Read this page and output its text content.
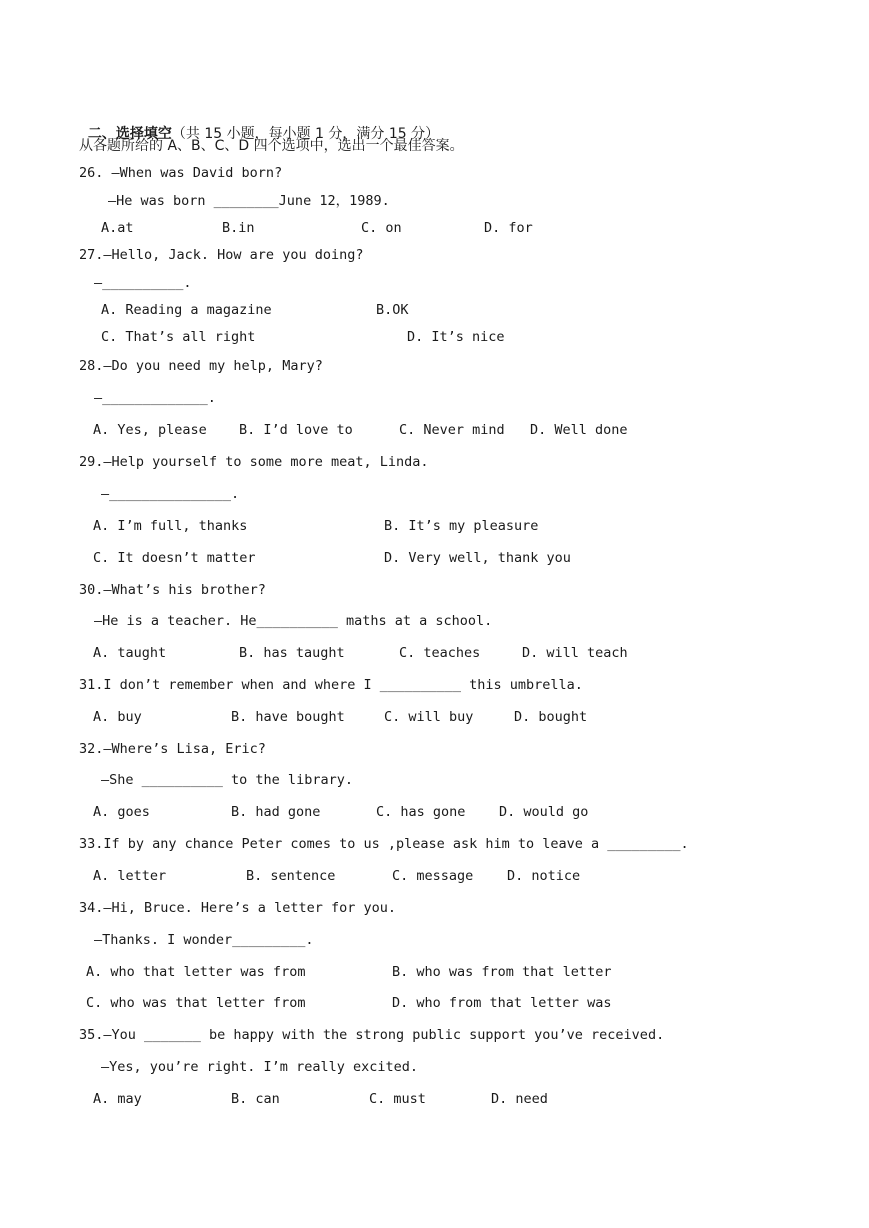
二、选择填空（共 15 小题，每小题 1 分，满分 15 分）

从各题所给的 A、B、C、D 四个选项中，选出一个最佳答案。
26. —When was David born?
—He was born ________June 12，1989.
A.at	B.in	C. on	D. for
27.—Hello, Jack. How are you doing?
—__________.
A. Reading a magazine	B.OK
C. That’s all right	D. It’s nice
28.—Do you need my help, Mary?
—_____________.
A. Yes, please B. I’d love to	C. Never mind D. Well done
29.—Help yourself to some more meat, Linda.
—_______________.
A. I’m full, thanks	B. It’s my pleasure
C. It doesn’t matter	D. Very well, thank you
30.—What’s his brother?
—He is a teacher. He__________ maths at a school.
A. taught	B. has taught	C. teaches	D. will teach
31.I don’t remember when and where I __________ this umbrella.
A. buy	B. have bought	C. will buy	D. bought
32.—Where’s Lisa, Eric?
—She __________ to the library.
A. goes	B. had gone	C. has gone D. would go
33.If by any chance Peter comes to us ,please ask him to leave a _________.
A. letter	B. sentence	C. message D. notice
34.—Hi, Bruce. Here’s a letter for you.
—Thanks. I wonder_________.
A. who that letter was from	B. who was from that letter
C. who was that letter from	D. who from that letter was
35.—You _______ be happy with the strong public support you’ve received.
—Yes, you’re right. I’m really excited.
A. may	B. can	C. must	D. need
